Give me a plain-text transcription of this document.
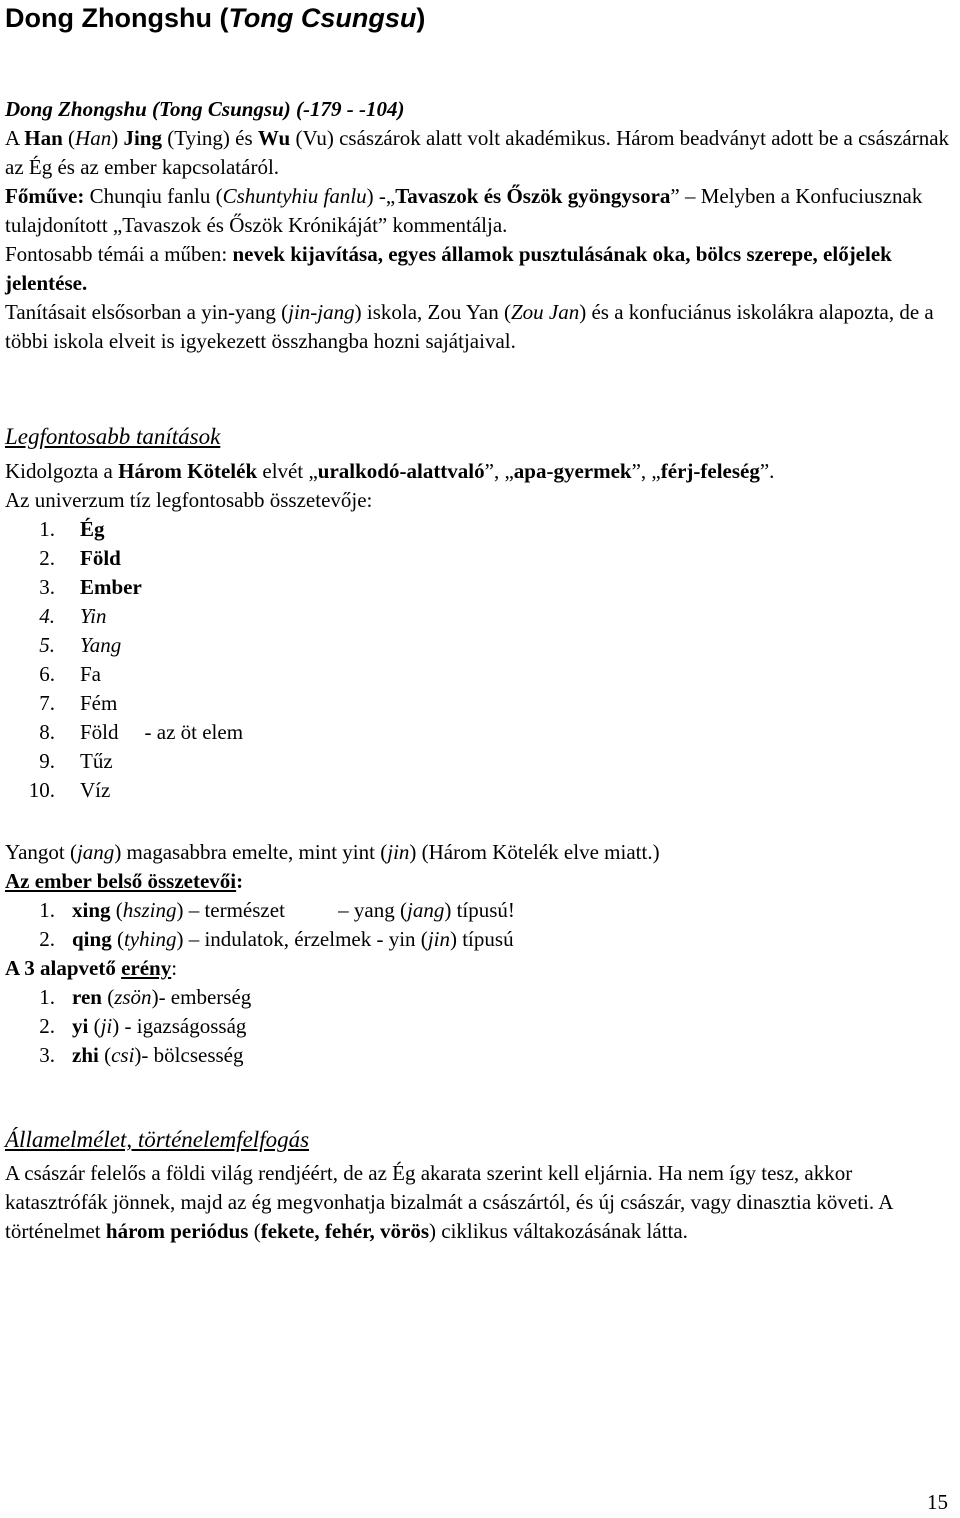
Dong Zhongshu (Tong Csungsu)

Dong Zhongshu (Tong Csungsu) (-179 - -104)

A Han (Han) Jing (Tying) és Wu (Vu) császárok alatt volt akadémikus. Három beadványt adott be a császárnak az Ég és az ember kapcsolatáról.

Főműve: Chunqiu fanlu (Cshuntyhiu fanlu) -„Tavaszok és Őszök gyöngysora” – Melyben a Konfuciusznak tulajdonított „Tavaszok és Őszök Krónikáját” kommentálja.

Fontosabb témái a műben: nevek kijavítása, egyes államok pusztulásának oka, bölcs szerepe, előjelek jelentése.

Tanításait elsősorban a yin-yang (jin-jang) iskola, Zou Yan (Zou Jan) és a konfuciánus iskolákra alapozta, de a többi iskola elveit is igyekezett összhangba hozni sajátjaival.

Legfontosabb tanítások

Kidolgozta a Három Kötelék elvét „uralkodó-alattvaló”, „apa-gyermek”, „férj-feleség”.

Az univerzum tíz legfontosabb összetevője:

1. Ég
2. Föld
3. Ember
4. Yin
5. Yang
6. Fa
7. Fém
8. Föld - az öt elem
9. Tűz
10. Víz

Yangot (jang) magasabbra emelte, mint yint (jin) (Három Kötelék elve miatt.)

Az ember belső összetevői:

1. xing (hszing) – természet – yang (jang) típusú!
2. qing (tyhing) – indulatok, érzelmek - yin (jin) típusú

A 3 alapvető erény:

1. ren (zsön)- emberség
2. yi (ji) - igazságosság
3. zhi (csi)- bölcsesség

Államelmélet, történelemfelfogás

A császár felelős a földi világ rendjéért, de az Ég akarata szerint kell eljárnia. Ha nem így tesz, akkor katasztrófák jönnek, majd az ég megvonhatja bizalmát a császártól, és új császár, vagy dinasztia követi. A történelmet három periódus (fekete, fehér, vörös) ciklikus váltakozásának látta.

15
